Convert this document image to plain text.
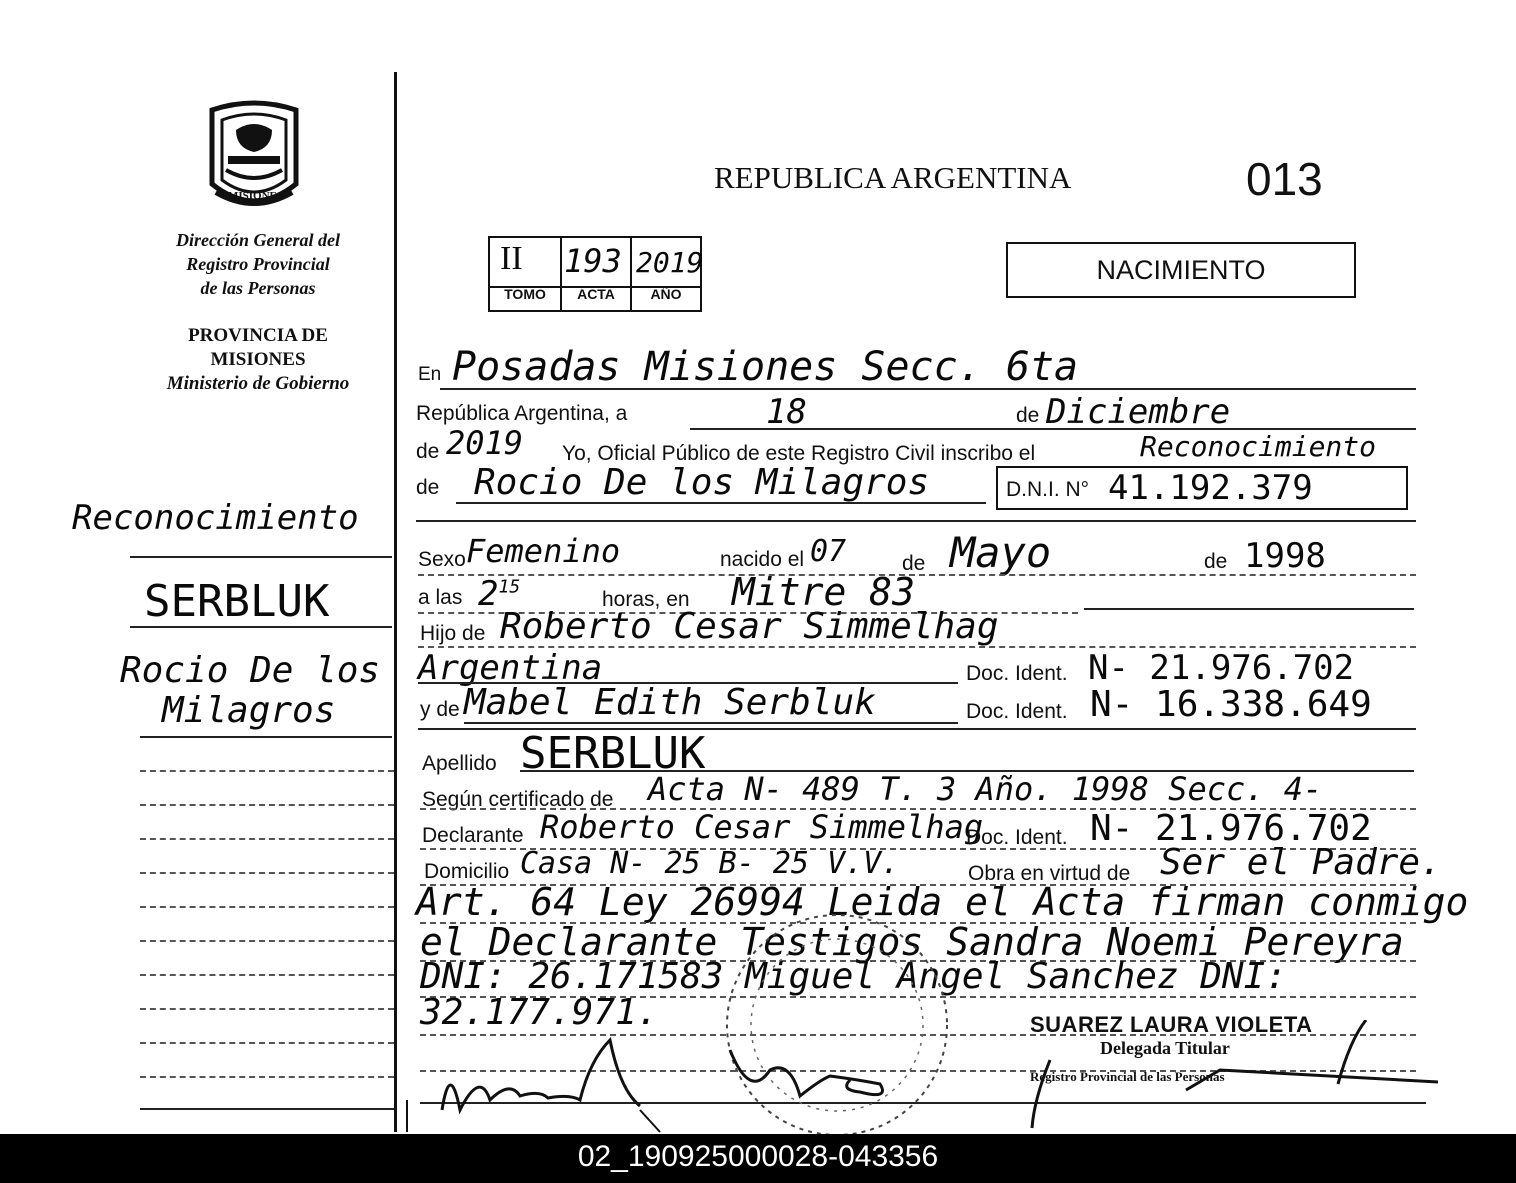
MISIONES
Dirección General del
Registro Provincial
de las Personas
PROVINCIA DE
MISIONES
Ministerio de Gobierno
Reconocimiento
SERBLUK
Rocio De los
Milagros
REPUBLICA ARGENTINA	013
II 193 2019
TOMO	ACTA	AÑO
NACIMIENTO
En Posadas Misiones Secc. 6ta
República Argentina, a	18	de Diciembre
de 2019 Yo, Oficial Público de este Registro Civil inscribo el	Reconocimiento
de Rocio De los Milagros	D.N.I. N° 41.192.379
Sexo Femenino	nacido el 07	de Mayo	de 1998
a las $2^{15}$
horas, en Mitre 83
Hijo de Roberto Cesar Simmelhag
Argentina	Doc. Ident. N- 21.976.702
y de Mabel Edith Serbluk	Doc. Ident. N- 16.338.649
Apellido SERBLUK
Según certificado de Acta N- 489 T. 3 Año. 1998 Secc. 4-
Declarante Roberto Cesar Simmelhag
Doc. Ident. N- 21.976.702
Domicilio Casa N- 25 B- 25 V.V.	Obra en virtud de Ser el Padre.
Art. 64 Ley 26994 Leida el Acta firman conmigo
el Declarante Testigos Sandra Noemi Pereyra
DNI: 26.171583 Miguel Angel Sanchez DNI:
32.177.971.	SUAREZ LAURA VIOLETA
Delegada Titular
Registro Provincial de las Personas
02_190925000028-043356
